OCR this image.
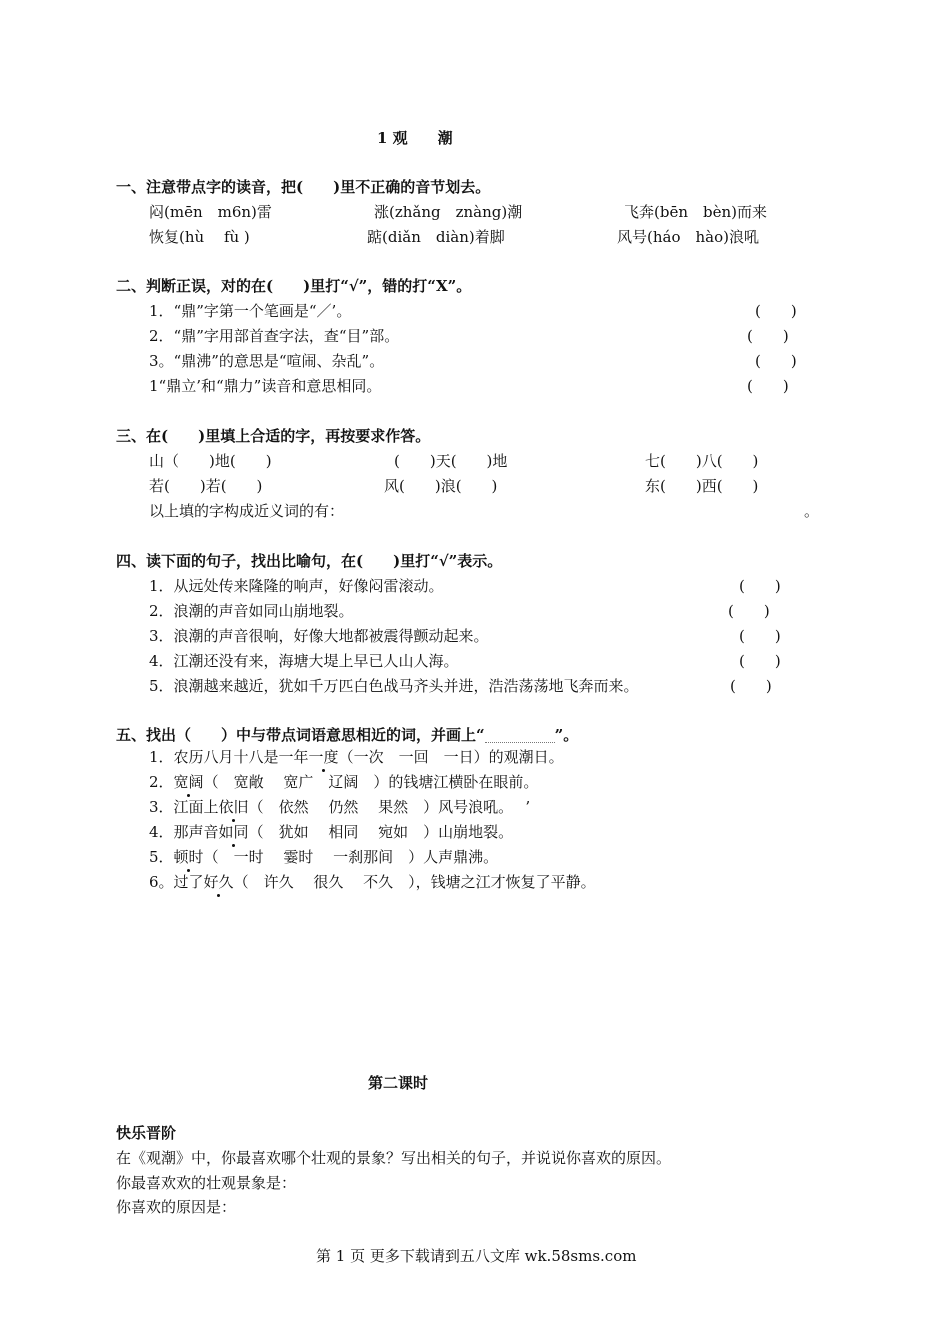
1 观　　潮
一、注意带点字的读音，把(　　)里不正确的音节划去。
闷(mēn　m6n)雷	涨(zhǎng　znàng)潮	飞奔(bēn　bèn)而来
恢复(hù　 fù )	踮(diǎn　diàn)着脚	风号(háo　hào)浪吼
二、判断正误，对的在(　　)里打“√”，错的打“X”。
1．“鼎”字第一个笔画是“／’。	(　　)
2．“鼎”字用部首查字法，查“目”部。	(　　)
3。“鼎沸”的意思是“喧闹、杂乱”。	(　　)
1“鼎立’和“鼎力”读音和意思相同。	(　　)
三、在(　　)里填上合适的字，再按要求作答。
山（　　)地(　　)	(　　)天(　　)地	七(　　)八(　　)
若(　　)若(　　)	风(　　)浪(　　)	东(　　)西(　　)
以上填的字构成近义词的有：	。
四、读下面的句子，找出比喻句，在(　　)里打“√”表示。
1．从远处传来隆隆的响声，好像闷雷滚动。	(　　)
2．浪潮的声音如同山崩地裂。	(　　)
3．浪潮的声音很响，好像大地都被震得颤动起来。	(　　)
4．江潮还没有来，海塘大堤上早已人山人海。	(　　)
5．浪潮越来越近，犹如千万匹白色战马齐头并进，浩浩荡荡地飞奔而来。	(　　)
五、找出（　　）中与带点词语意思相近的词，并画上“	”。
1．农历八月十八是一年一度（一次　一回　一日）的观潮日。
2．宽阔（　宽敞　 宽广　辽阔　）的钱塘江横卧在眼前。
3．江面上依旧（　依然　 仍然　 果然　）风号浪吼。　 ’
4．那声音如同（　犹如　 相同　 宛如　）山崩地裂。
5．顿时（　一时　 霎时　 一刹那间　）人声鼎沸。
6。过了好久（　许久　 很久　 不久　），钱塘之江才恢复了平静。
第二课时
快乐晋阶
在《观潮》中，你最喜欢哪个壮观的景象？写出相关的句子，并说说你喜欢的原因。
你最喜欢欢的壮观景象是：
你喜欢的原因是：
第 1 页 更多下载请到五八文库 wk.58sms.com
